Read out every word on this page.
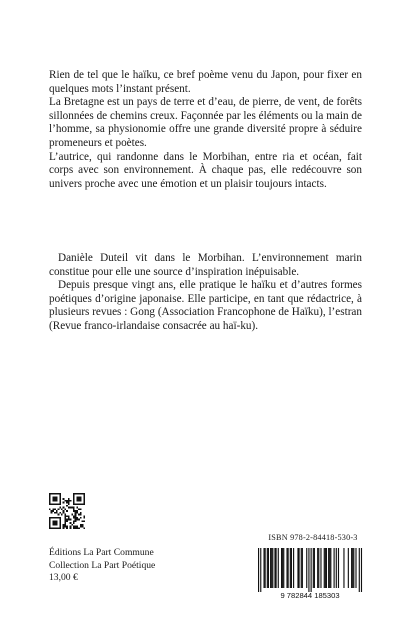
Rien de tel que le haïku, ce bref poème venu du Japon, pour fixer en quelques mots l’instant présent.

La Bretagne est un pays de terre et d’eau, de pierre, de vent, de forêts sillonnées de chemins creux. Façonnée par les éléments ou la main de l’homme, sa physionomie offre une grande diversité propre à séduire promeneurs et poètes.

L’autrice, qui randonne dans le Morbihan, entre ria et océan, fait corps avec son environnement. À chaque pas, elle redécouvre son univers proche avec une émotion et un plaisir toujours intacts.

Danièle Duteil vit dans le Morbihan. L’environnement marin constitue pour elle une source d’inspiration inépuisable.

Depuis presque vingt ans, elle pratique le haïku et d’autres formes poétiques d’origine japonaise. Elle participe, en tant que rédactrice, à plusieurs revues : Gong (Association Francophone de Haïku), l’estran (Revue franco-irlandaise consacrée au haï-ku).

Éditions La Part Commune
Collection La Part Poétique
13,00 €
ISBN 978-2-84418-530-3
9 782844 185303
